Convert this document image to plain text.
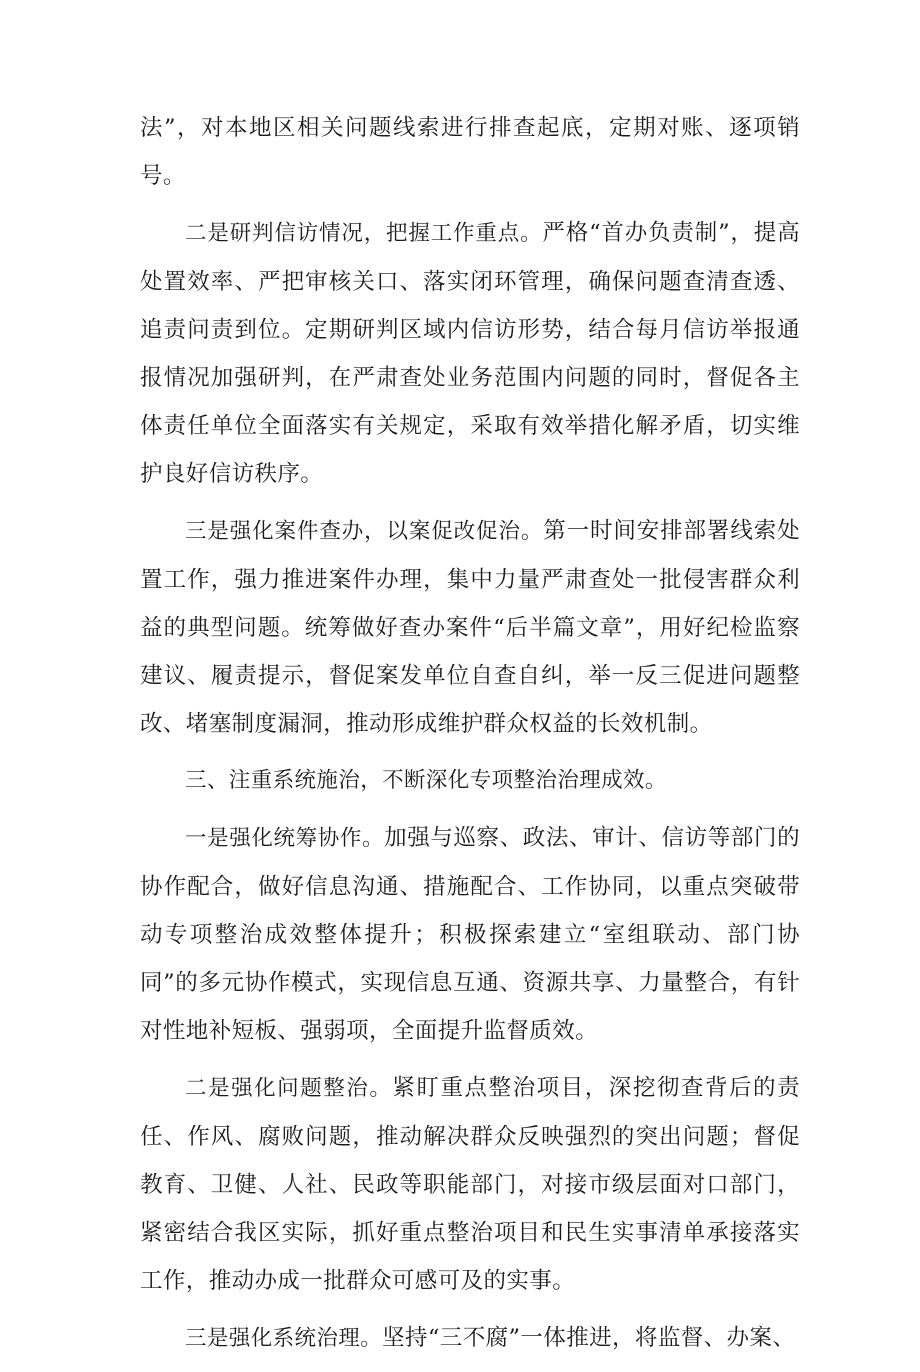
法”，对本地区相关问题线索进行排查起底，定期对账、逐项销号。

二是研判信访情况，把握工作重点。严格“首办负责制”，提高处置效率、严把审核关口、落实闭环管理，确保问题查清查透、追责问责到位。定期研判区域内信访形势，结合每月信访举报通报情况加强研判，在严肃查处业务范围内问题的同时，督促各主体责任单位全面落实有关规定，采取有效举措化解矛盾，切实维护良好信访秩序。

三是强化案件查办，以案促改促治。第一时间安排部署线索处置工作，强力推进案件办理，集中力量严肃查处一批侵害群众利益的典型问题。统筹做好查办案件“后半篇文章”，用好纪检监察建议、履责提示，督促案发单位自查自纠，举一反三促进问题整改、堵塞制度漏洞，推动形成维护群众权益的长效机制。

三、注重系统施治，不断深化专项整治治理成效。

一是强化统筹协作。加强与巡察、政法、审计、信访等部门的协作配合，做好信息沟通、措施配合、工作协同，以重点突破带动专项整治成效整体提升；积极探索建立“室组联动、部门协同”的多元协作模式，实现信息互通、资源共享、力量整合，有针对性地补短板、强弱项，全面提升监督质效。

二是强化问题整治。紧盯重点整治项目，深挖彻查背后的责任、作风、腐败问题，推动解决群众反映强烈的突出问题；督促教育、卫健、人社、民政等职能部门，对接市级层面对口部门，紧密结合我区实际，抓好重点整治项目和民生实事清单承接落实工作，推动办成一批群众可感可及的实事。

三是强化系统治理。坚持“三不腐”一体推进，将监督、办案、
